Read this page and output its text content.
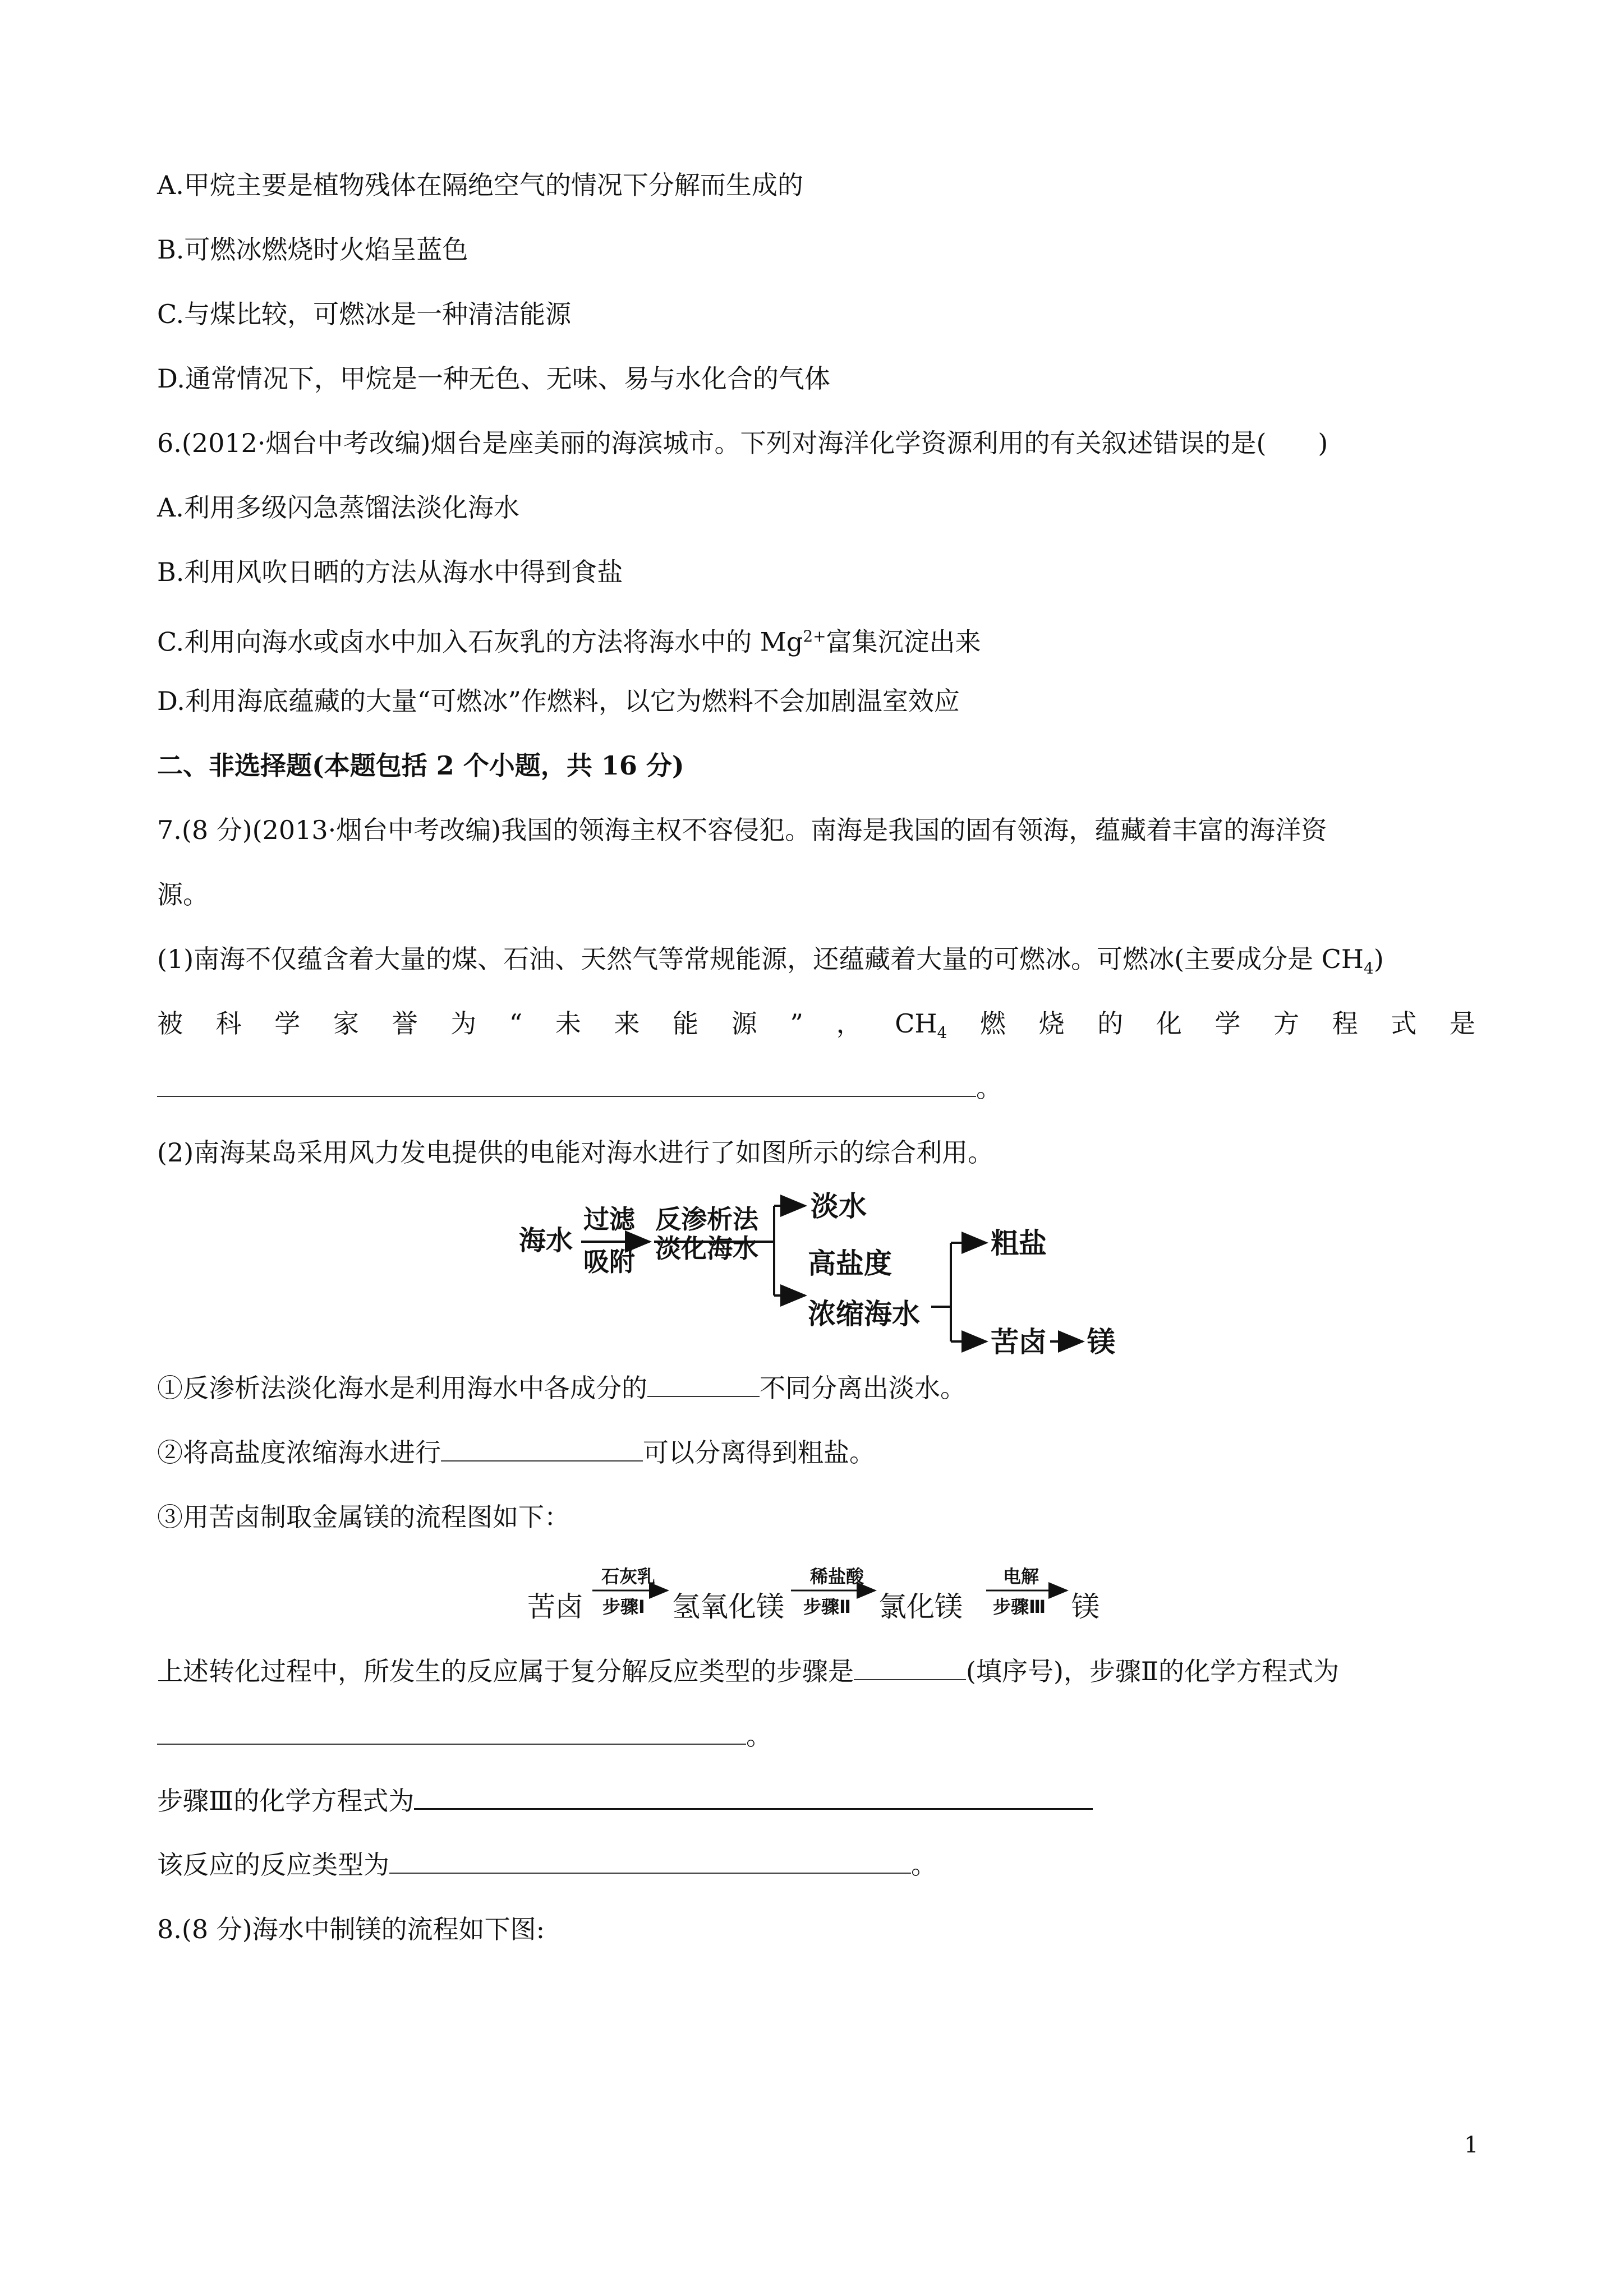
A.甲烷主要是植物残体在隔绝空气的情况下分解而生成的
B.可燃冰燃烧时火焰呈蓝色
C.与煤比较，可燃冰是一种清洁能源
D.通常情况下，甲烷是一种无色、无味、易与水化合的气体
6.(2012·烟台中考改编)烟台是座美丽的海滨城市。下列对海洋化学资源利用的有关叙述错误的是(　　)
A.利用多级闪急蒸馏法淡化海水
B.利用风吹日晒的方法从海水中得到食盐
C.利用向海水或卤水中加入石灰乳的方法将海水中的 $Mg^{2+}$富集沉淀出来
D.利用海底蕴藏的大量“可燃冰”作燃料，以它为燃料不会加剧温室效应
二、非选择题(本题包括 2 个小题，共 16 分)
7.(8 分)(2013·烟台中考改编)我国的领海主权不容侵犯。南海是我国的固有领海，蕴藏着丰富的海洋资
源。
(1)南海不仅蕴含着大量的煤、石油、天然气等常规能源，还蕴藏着大量的可燃冰。可燃冰(主要成分是 $CH_4$)
被 科 学 家 誉 为 “ 未 来 能 源 ” ， $CH_4$ 燃 烧 的 化 学 方 程 式 是
。
(2)南海某岛采用风力发电提供的电能对海水进行了如图所示的综合利用。
海水
过滤
吸附
反渗析法
淡化海水
淡水
高盐度
浓缩海水
粗盐
苦卤 镁
①反渗析法淡化海水是利用海水中各成分的	不同分离出淡水。
②将高盐度浓缩海水进行	可以分离得到粗盐。
③用苦卤制取金属镁的流程图如下：
苦卤
石灰乳
步骤Ⅰ 氢氧化镁
稀盐酸
步骤Ⅱ 氯化镁
电解
步骤Ⅲ 镁
上述转化过程中，所发生的反应属于复分解反应类型的步骤是	(填序号)，步骤Ⅱ的化学方程式为
。
步骤Ⅲ的化学方程式为
该反应的反应类型为	。
8.(8 分)海水中制镁的流程如下图:
1
